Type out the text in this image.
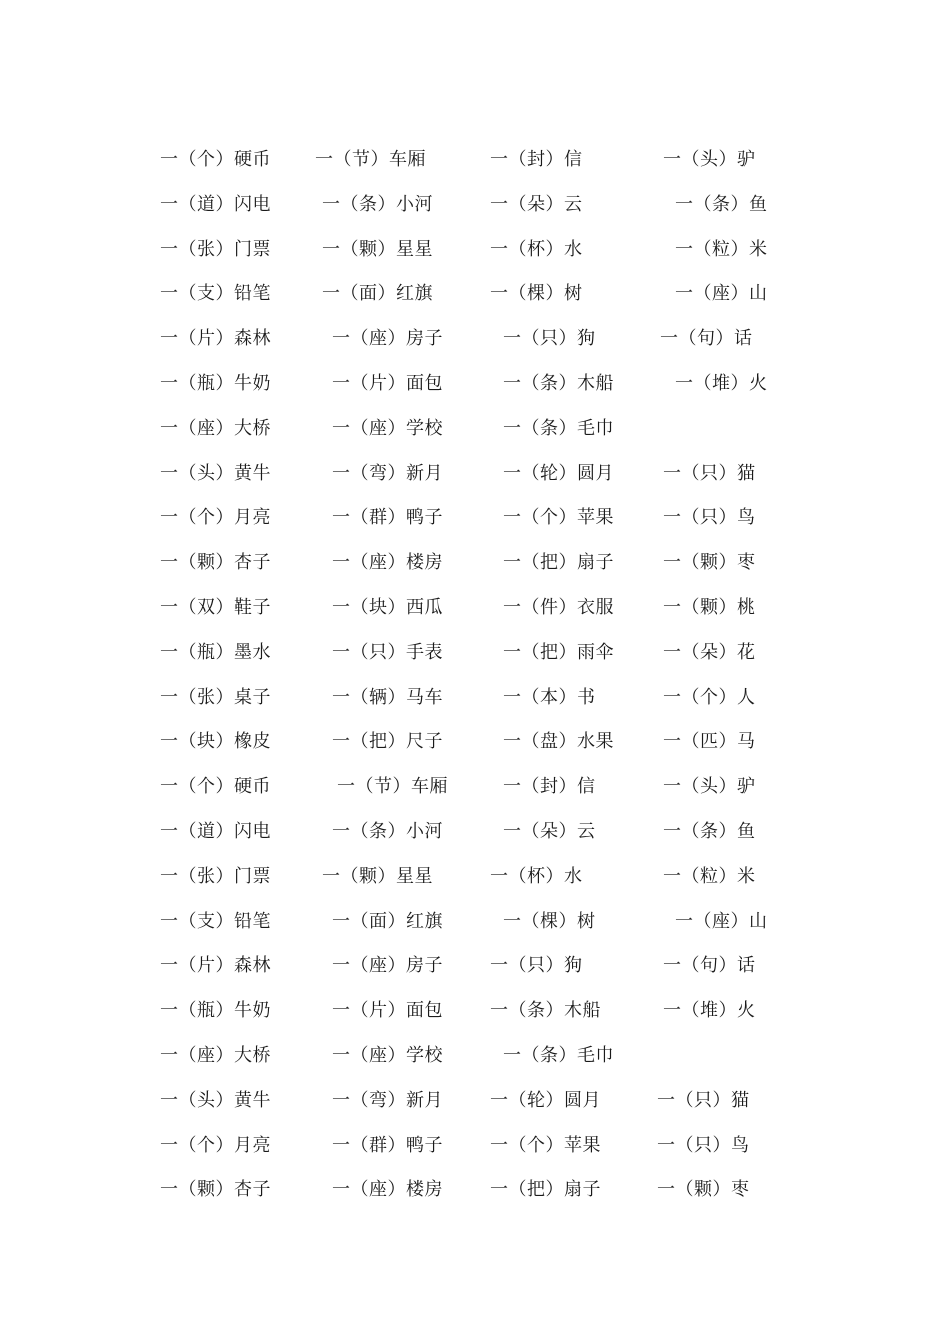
一（个）硬币 一（节）车厢	一（封）信	一（头）驴
一（道）闪电	一（条）小河	一（朵）云	一（条）鱼
一（张）门票	一（颗）星星	一（杯）水	一（粒）米
一（支）铅笔	一（面）红旗	一（棵）树	一（座）山
一（片）森林	一（座）房子	一（只）狗	一（句）话
一（瓶）牛奶	一（片）面包	一（条）木船	一（堆）火
一（座）大桥	一（座）学校	一（条）毛巾
一（头）黄牛	一（弯）新月	一（轮）圆月	一（只）猫
一（个）月亮	一（群）鸭子	一（个）苹果	一（只）鸟
一（颗）杏子	一（座）楼房	一（把）扇子	一（颗）枣
一（双）鞋子	一（块）西瓜	一（件）衣服	一（颗）桃
一（瓶）墨水	一（只）手表	一（把）雨伞	一（朵）花
一（张）桌子	一（辆）马车	一（本）书	一（个）人
一（块）橡皮	一（把）尺子	一（盘）水果	一（匹）马
一（个）硬币	一（节）车厢	一（封）信	一（头）驴
一（道）闪电	一（条）小河	一（朵）云	一（条）鱼
一（张）门票	一（颗）星星	一（杯）水	一（粒）米
一（支）铅笔	一（面）红旗	一（棵）树	一（座）山
一（片）森林	一（座）房子	一（只）狗	一（句）话
一（瓶）牛奶	一（片）面包	一（条）木船	一（堆）火
一（座）大桥	一（座）学校	一（条）毛巾
一（头）黄牛	一（弯）新月	一（轮）圆月	一（只）猫
一（个）月亮	一（群）鸭子	一（个）苹果	一（只）鸟
一（颗）杏子	一（座）楼房	一（把）扇子	一（颗）枣
